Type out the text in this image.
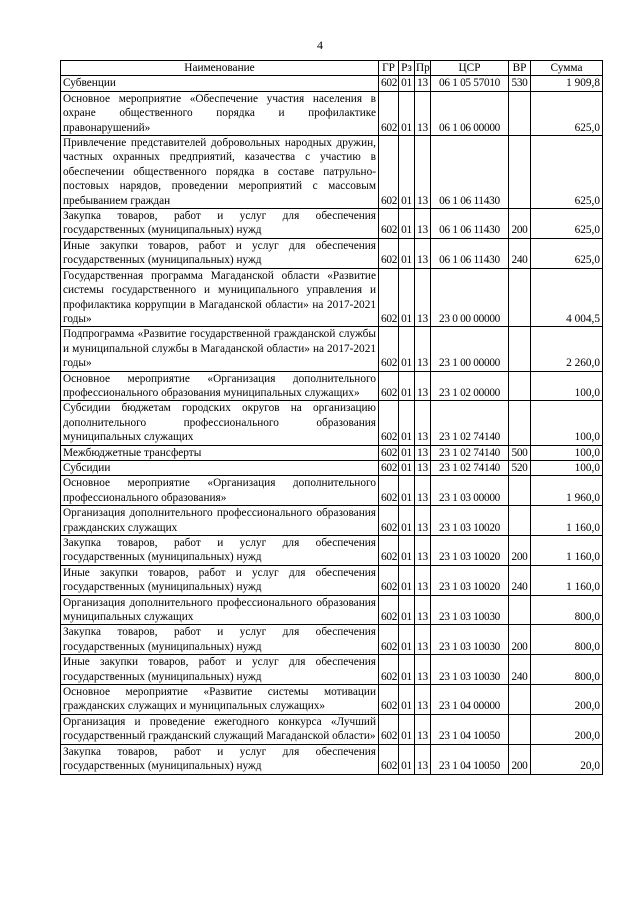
4
Наименование	ГР	Рз	Пр	ЦСР	ВР	Сумма
Субвенции	602	01	13	06 1 05 57010	530	1 909,8
Основное мероприятие «Обеспечение участия населения в охране общественного порядка и профилактике правонарушений»	602	01	13	06 1 06 00000		625,0
Привлечение представителей добровольных народных дружин, частных охранных предприятий, казачества с участию в обеспечении общественного порядка в составе патрульно-постовых нарядов, проведении мероприятий с массовым пребыванием граждан	602	01	13	06 1 06 11430		625,0
Закупка товаров, работ и услуг для обеспечения государственных (муниципальных) нужд	602	01	13	06 1 06 11430	200	625,0
Иные закупки товаров, работ и услуг для обеспечения государственных (муниципальных) нужд	602	01	13	06 1 06 11430	240	625,0
Государственная программа Магаданской области «Развитие системы государственного и муниципального управления и профилактика коррупции в Магаданской области» на 2017-2021 годы»	602	01	13	23 0 00 00000		4 004,5
Подпрограмма «Развитие государственной гражданской службы и муниципальной службы в Магаданской области» на 2017-2021 годы»	602	01	13	23 1 00 00000		2 260,0
Основное мероприятие «Организация дополнительного профессионального образования муниципальных служащих»	602	01	13	23 1 02 00000		100,0
Субсидии бюджетам городских округов на организацию дополнительного профессионального образования муниципальных служащих	602	01	13	23 1 02 74140		100,0
Межбюджетные трансферты	602	01	13	23 1 02 74140	500	100,0
Субсидии	602	01	13	23 1 02 74140	520	100,0
Основное мероприятие «Организация дополнительного профессионального образования»	602	01	13	23 1 03 00000		1 960,0
Организация дополнительного профессионального образования гражданских служащих	602	01	13	23 1 03 10020		1 160,0
Закупка товаров, работ и услуг для обеспечения государственных (муниципальных) нужд	602	01	13	23 1 03 10020	200	1 160,0
Иные закупки товаров, работ и услуг для обеспечения государственных (муниципальных) нужд	602	01	13	23 1 03 10020	240	1 160,0
Организация дополнительного профессионального образования муниципальных служащих	602	01	13	23 1 03 10030		800,0
Закупка товаров, работ и услуг для обеспечения государственных (муниципальных) нужд	602	01	13	23 1 03 10030	200	800,0
Иные закупки товаров, работ и услуг для обеспечения государственных (муниципальных) нужд	602	01	13	23 1 03 10030	240	800,0
Основное мероприятие «Развитие системы мотивации гражданских служащих и муниципальных служащих»	602	01	13	23 1 04 00000		200,0
Организация и проведение ежегодного конкурса «Лучший государственный гражданский служащий Магаданской области»	602	01	13	23 1 04 10050		200,0
Закупка товаров, работ и услуг для обеспечения государственных (муниципальных) нужд	602	01	13	23 1 04 10050	200	20,0
